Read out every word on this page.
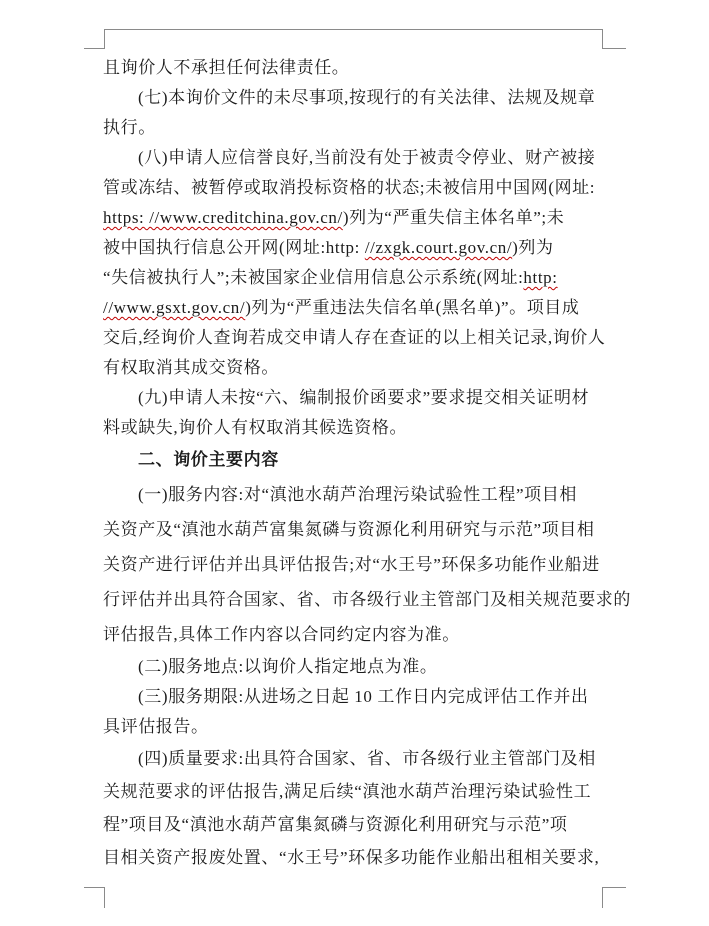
且询价人不承担任何法律责任。
(七)本询价文件的未尽事项,按现行的有关法律、法规及规章
执行。
(八)申请人应信誉良好,当前没有处于被责令停业、财产被接
管或冻结、被暂停或取消投标资格的状态;未被信用中国网(网址:
https: //www.creditchina.gov.cn/)列为“严重失信主体名单”;未
被中国执行信息公开网(网址:http: //zxgk.court.gov.cn/)列为
“失信被执行人”;未被国家企业信用信息公示系统(网址:http:
//www.gsxt.gov.cn/)列为“严重违法失信名单(黑名单)”。项目成
交后,经询价人查询若成交申请人存在查证的以上相关记录,询价人
有权取消其成交资格。
(九)申请人未按“六、编制报价函要求”要求提交相关证明材
料或缺失,询价人有权取消其候选资格。
二、询价主要内容
(一)服务内容:对“滇池水葫芦治理污染试验性工程”项目相
关资产及“滇池水葫芦富集氮磷与资源化利用研究与示范”项目相
关资产进行评估并出具评估报告;对“水王号”环保多功能作业船进
行评估并出具符合国家、省、市各级行业主管部门及相关规范要求的
评估报告,具体工作内容以合同约定内容为准。
(二)服务地点:以询价人指定地点为准。
(三)服务期限:从进场之日起 10 工作日内完成评估工作并出
具评估报告。
(四)质量要求:出具符合国家、省、市各级行业主管部门及相
关规范要求的评估报告,满足后续“滇池水葫芦治理污染试验性工
程”项目及“滇池水葫芦富集氮磷与资源化利用研究与示范”项
目相关资产报废处置、“水王号”环保多功能作业船出租相关要求,
